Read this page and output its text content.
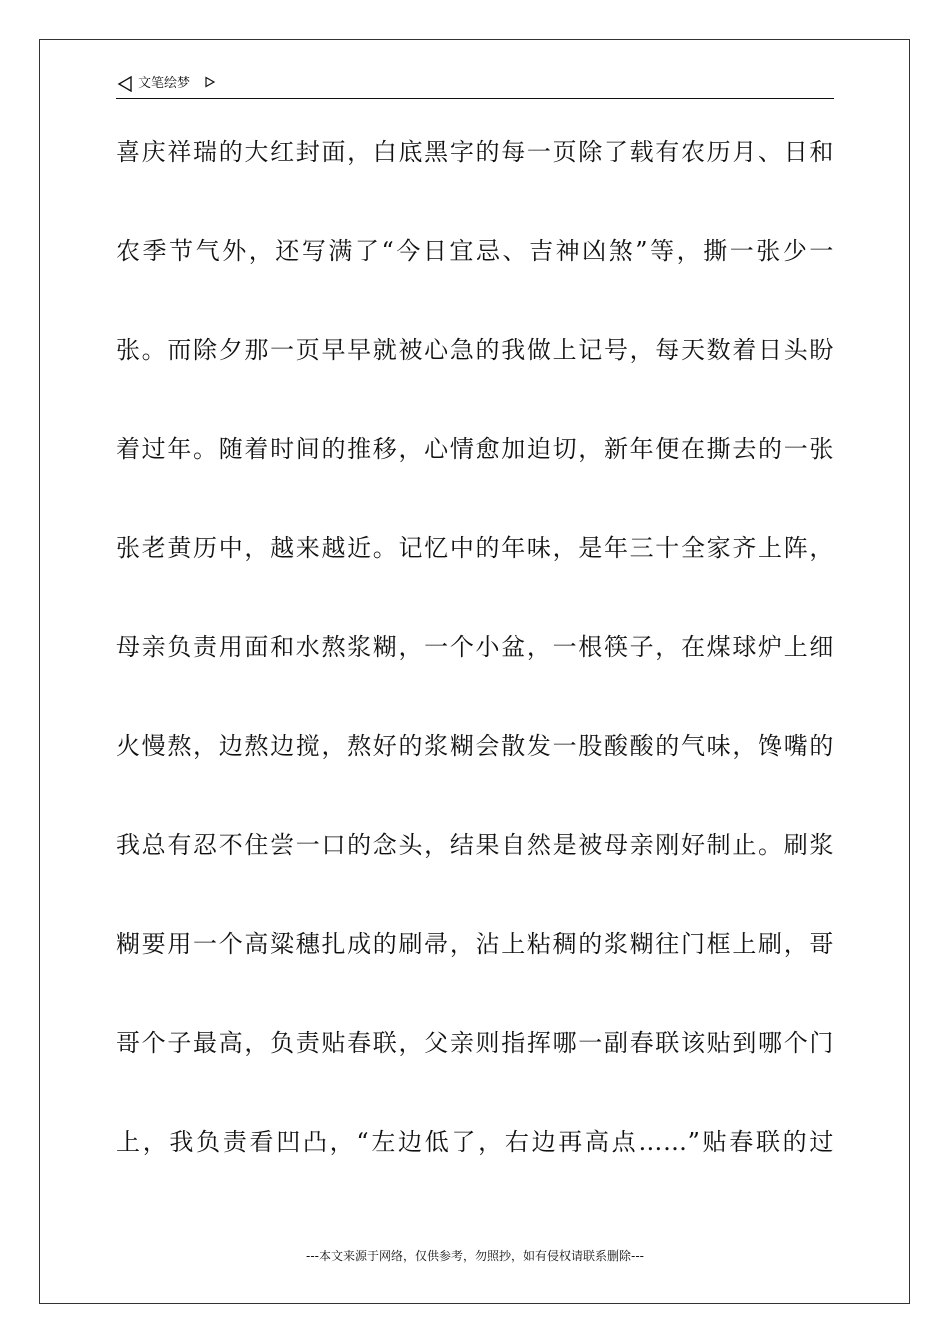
文笔绘梦
喜庆祥瑞的大红封面，白底黑字的每一页除了载有农历月、日和
农季节气外，还写满了“今日宜忌、吉神凶煞”等，撕一张少一
张。而除夕那一页早早就被心急的我做上记号，每天数着日头盼
着过年。随着时间的推移，心情愈加迫切，新年便在撕去的一张
张老黄历中，越来越近。记忆中的年味，是年三十全家齐上阵，
母亲负责用面和水熬浆糊，一个小盆，一根筷子，在煤球炉上细
火慢熬，边熬边搅，熬好的浆糊会散发一股酸酸的气味，馋嘴的
我总有忍不住尝一口的念头，结果自然是被母亲刚好制止。刷浆
糊要用一个高粱穗扎成的刷帚，沾上粘稠的浆糊往门框上刷，哥
哥个子最高，负责贴春联，父亲则指挥哪一副春联该贴到哪个门
上，我负责看凹凸，“左边低了，右边再高点……”贴春联的过
---本文来源于网络，仅供参考，勿照抄，如有侵权请联系删除---
